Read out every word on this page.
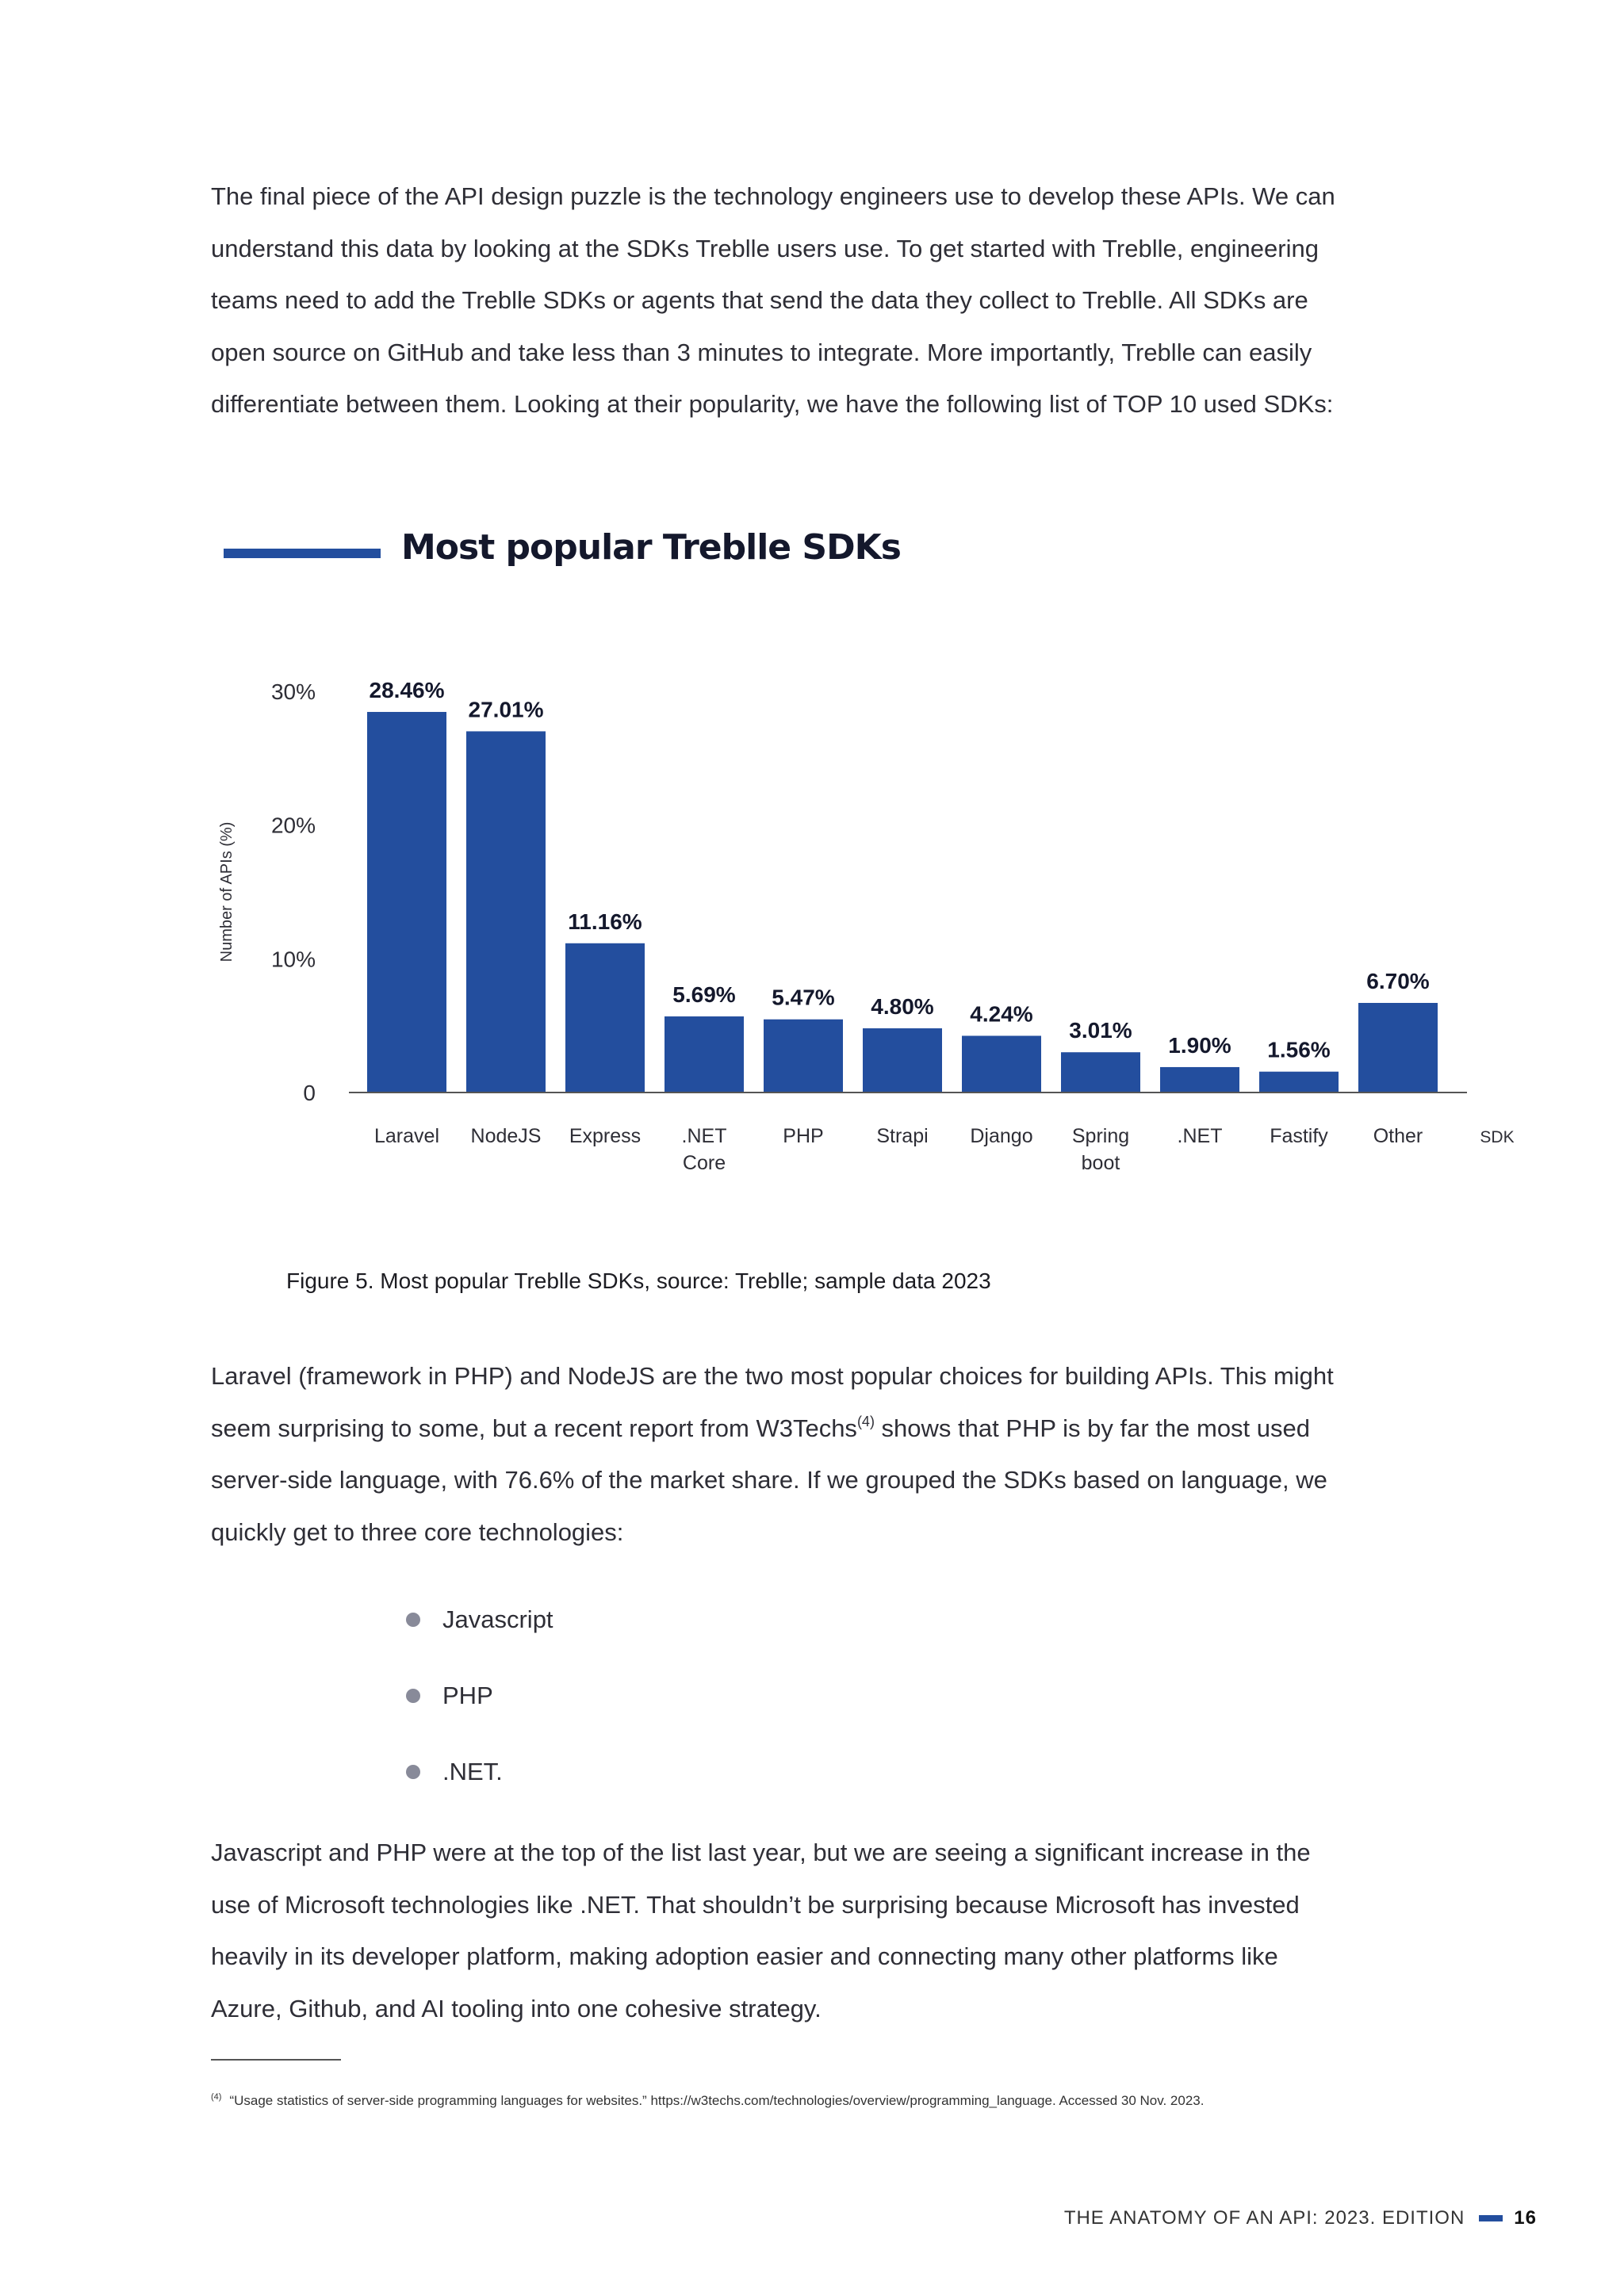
The final piece of the API design puzzle is the technology engineers use to develop these APIs. We can
understand this data by looking at the SDKs Treblle users use. To get started with Treblle, engineering
teams need to add the Treblle SDKs or agents that send the data they collect to Treblle. All SDKs are
open source on GitHub and take less than 3 minutes to integrate. More importantly, Treblle can easily
differentiate between them. Looking at their popularity, we have the following list of TOP 10 used SDKs:

Most popular Treblle SDKs
0
10%
20%
30%
Number of APIs (%)
28.46%
Laravel
27.01%
NodeJS
11.16%
Express
5.69%
.NET
Core
5.47%
PHP
4.80%
Strapi
4.24%
Django
3.01%
Spring
boot
1.90%
.NET
1.56%
Fastify
6.70%
Other	SDK

Figure 5. Most popular Treblle SDKs, source: Treblle; sample data 2023

Laravel (framework in PHP) and NodeJS are the two most popular choices for building APIs. This might
seem surprising to some, but a recent report from W3Techs$^{(4)}$ shows that PHP is by far the most used
server-side language, with 76.6% of the market share. If we grouped the SDKs based on language, we
quickly get to three core technologies:

Javascript
PHP
.NET.

Javascript and PHP were at the top of the list last year, but we are seeing a significant increase in the
use of Microsoft technologies like .NET. That shouldn’t be surprising because Microsoft has invested
heavily in its developer platform, making adoption easier and connecting many other platforms like
Azure, Github, and AI tooling into one cohesive strategy.

$^{(4)}$ “Usage statistics of server-side programming languages for websites.” https://w3techs.com/technologies/overview/programming_language. Accessed 30 Nov. 2023.

THE ANATOMY OF AN API: 2023. EDITION	16
